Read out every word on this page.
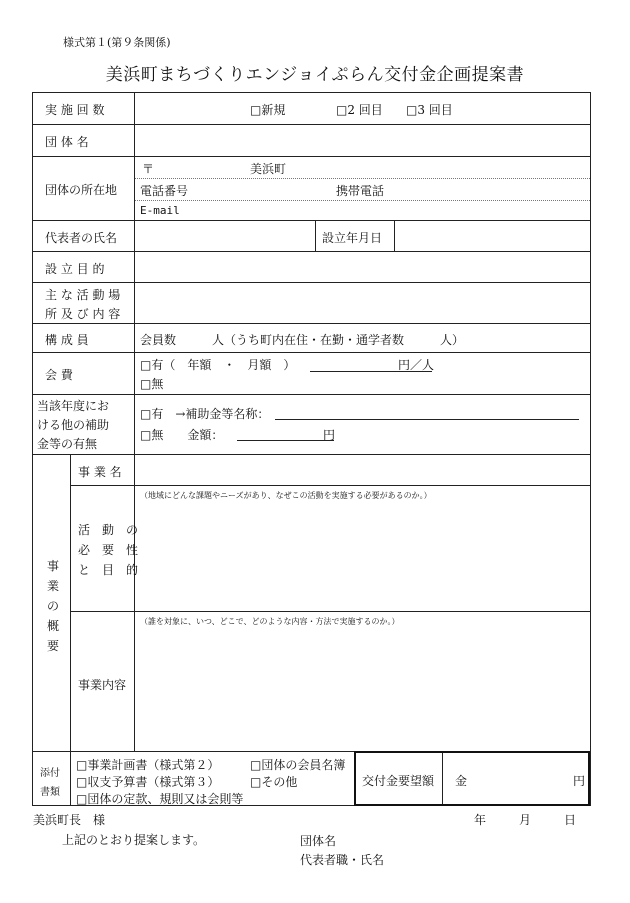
様式第１(第９条関係)
美浜町まちづくりエンジョイぷらん交付金企画提案書
実 施 回 数	□新規	□2 回目 □3 回目
団 体 名
団体の所在地
〒	美浜町
電話番号	携帯電話
E-mail
代表者の氏名	設立年月日
設 立 目 的
主 な 活 動 場
所 及 び 内 容
構 成 員	会員数　　　人（うち町内在住・在勤・通学者数　　　人）
会 費
□有（　年額　・　月額　）	円／人
□無
当該年度にお
ける他の補助
金等の有無
□有　→補助金等名称：
□無　　金額：	円
事
業
の
概
要
事 業 名
活　動　の
必　要　性
と　目　的
（地域にどんな課題やニーズがあり、なぜこの活動を実施する必要があるのか。）
事業内容
（誰を対象に、いつ、どこで、どのような内容・方法で実施するのか。）
添付
書類
□事業計画書（様式第２）	□団体の会員名簿
□収支予算書（様式第３）	□その他
□団体の定款、規則又は会則等
交付金要望額 金	円
美浜町長　様	年　　月　　日
上記のとおり提案します。	団体名
代表者職・氏名
